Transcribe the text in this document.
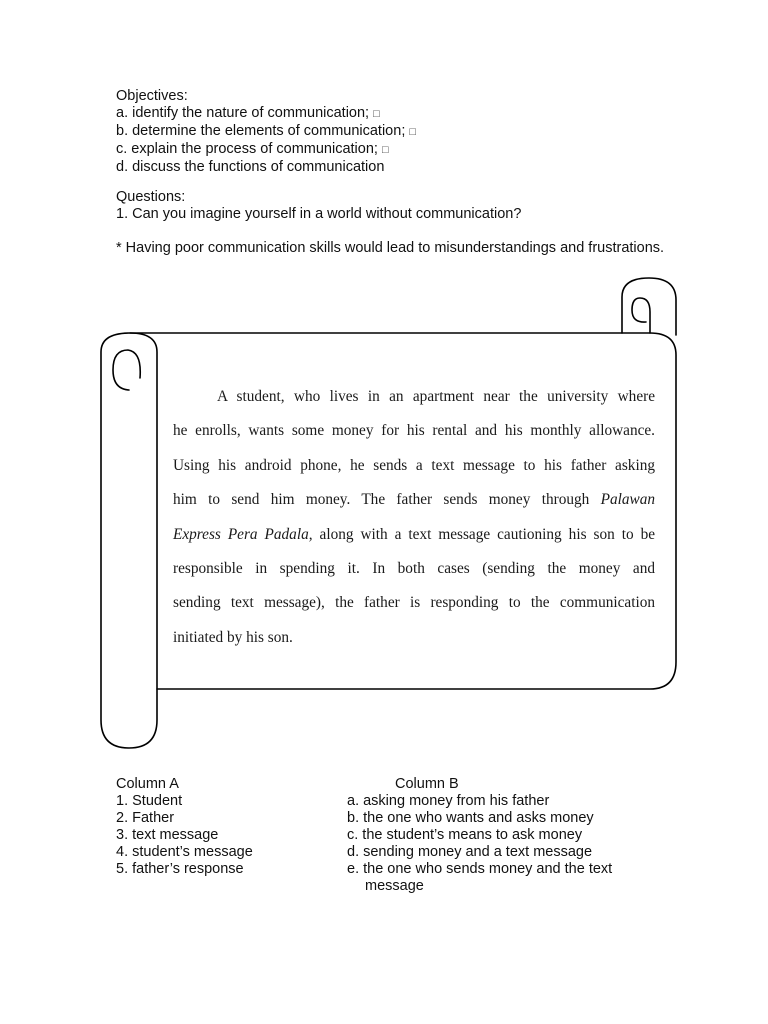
Objectives:
a. identify the nature of communication; □
b. determine the elements of communication; □
c. explain the process of communication; □
d. discuss the functions of communication
Questions:
1. Can you imagine yourself in a world without communication?
* Having poor communication skills would lead to misunderstandings and frustrations.
A student, who lives in an apartment near the university where
he enrolls, wants some money for his rental and his monthly allowance.
Using his android phone, he sends a text message to his father asking
him to send him money. The father sends money through Palawan
Express Pera Padala, along with a text message cautioning his son to be
responsible in spending it. In both cases (sending the money and
sending text message), the father is responding to the communication
initiated by his son.
Column A
1. Student
2. Father
3. text message
4. student’s message
5. father’s response
Column B
a. asking money from his father
b. the one who wants and asks money
c. the student’s means to ask money
d. sending money and a text message
e. the one who sends money and the text message
